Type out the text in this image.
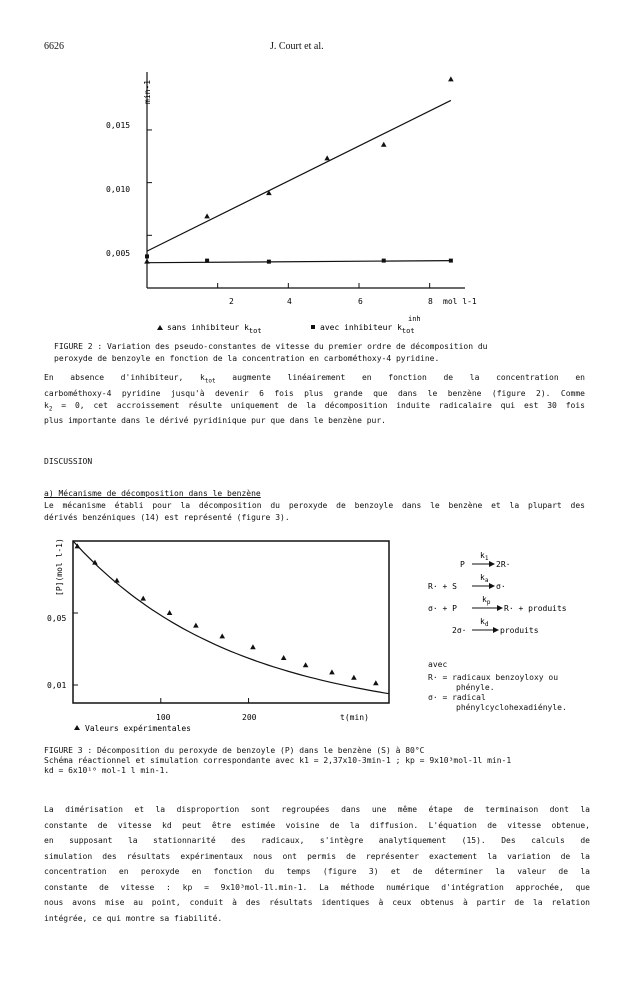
6626	J. Court et al.
min-1
mol l-1
0,005
0,010
0,015
2	4	6	8
sans inhibiteur ktot	avec inhibiteur ktot
inh
FIGURE 2 : Variation des pseudo-constantes de vitesse du premier ordre de décomposition du
peroxyde de benzoyle en fonction de la concentration en carbométhoxy-4 pyridine.
En absence d'inhibiteur, $k_{tot}$ augmente linéairement en fonction de la concentration en
carbométhoxy-4 pyridine jusqu'à devenir 6 fois plus grande que dans le benzène (figure 2). Comme
$k_2 = 0$, cet accroissement résulte uniquement de la décomposition induite radicalaire qui est 30 fois
plus importante dans le dérivé pyridinique pur que dans le benzène pur.
DISCUSSION
a) Mécanisme de décomposition dans le benzène
Le mécanisme établi pour la décomposition du peroxyde de benzoyle dans le benzène et la plupart des
dérivés benzéniques (14) est représenté (figure 3).
[P](mol l-1)
t(min)
0,05
0,01
100	200
Valeurs expérimentales
P
$k_1$
2R·
R· + S
$k_a$
σ·
σ· + P
$k_p$
R· + produits
2σ·
$k_d$
produits
avec
R· = radicaux benzoyloxy ou
phényle.
σ· = radical
phénylcyclohexadiényle.
FIGURE 3 : Décomposition du peroxyde de benzoyle (P) dans le benzène (S) à 80°C
Schéma réactionnel et simulation correspondante avec k1 = 2,37x10-3min-1 ; kp = 9x10³mol-1l min-1
kd = 6x10¹⁰ mol-1 l min-1.
La dimérisation et la disproportion sont regroupées dans une même étape de terminaison dont la
constante de vitesse kd peut être estimée voisine de la diffusion. L'équation de vitesse obtenue,
en supposant la stationnarité des radicaux, s'intègre analytiquement (15). Des calculs de
simulation des résultats expérimentaux nous ont permis de représenter exactement la variation de la
concentration en peroxyde en fonction du temps (figure 3) et de déterminer la valeur de la
constante de vitesse : kp = 9x10³mol-1l.min-1. La méthode numérique d'intégration approchée, que
nous avons mise au point, conduit à des résultats identiques à ceux obtenus à partir de la relation
intégrée, ce qui montre sa fiabilité.
